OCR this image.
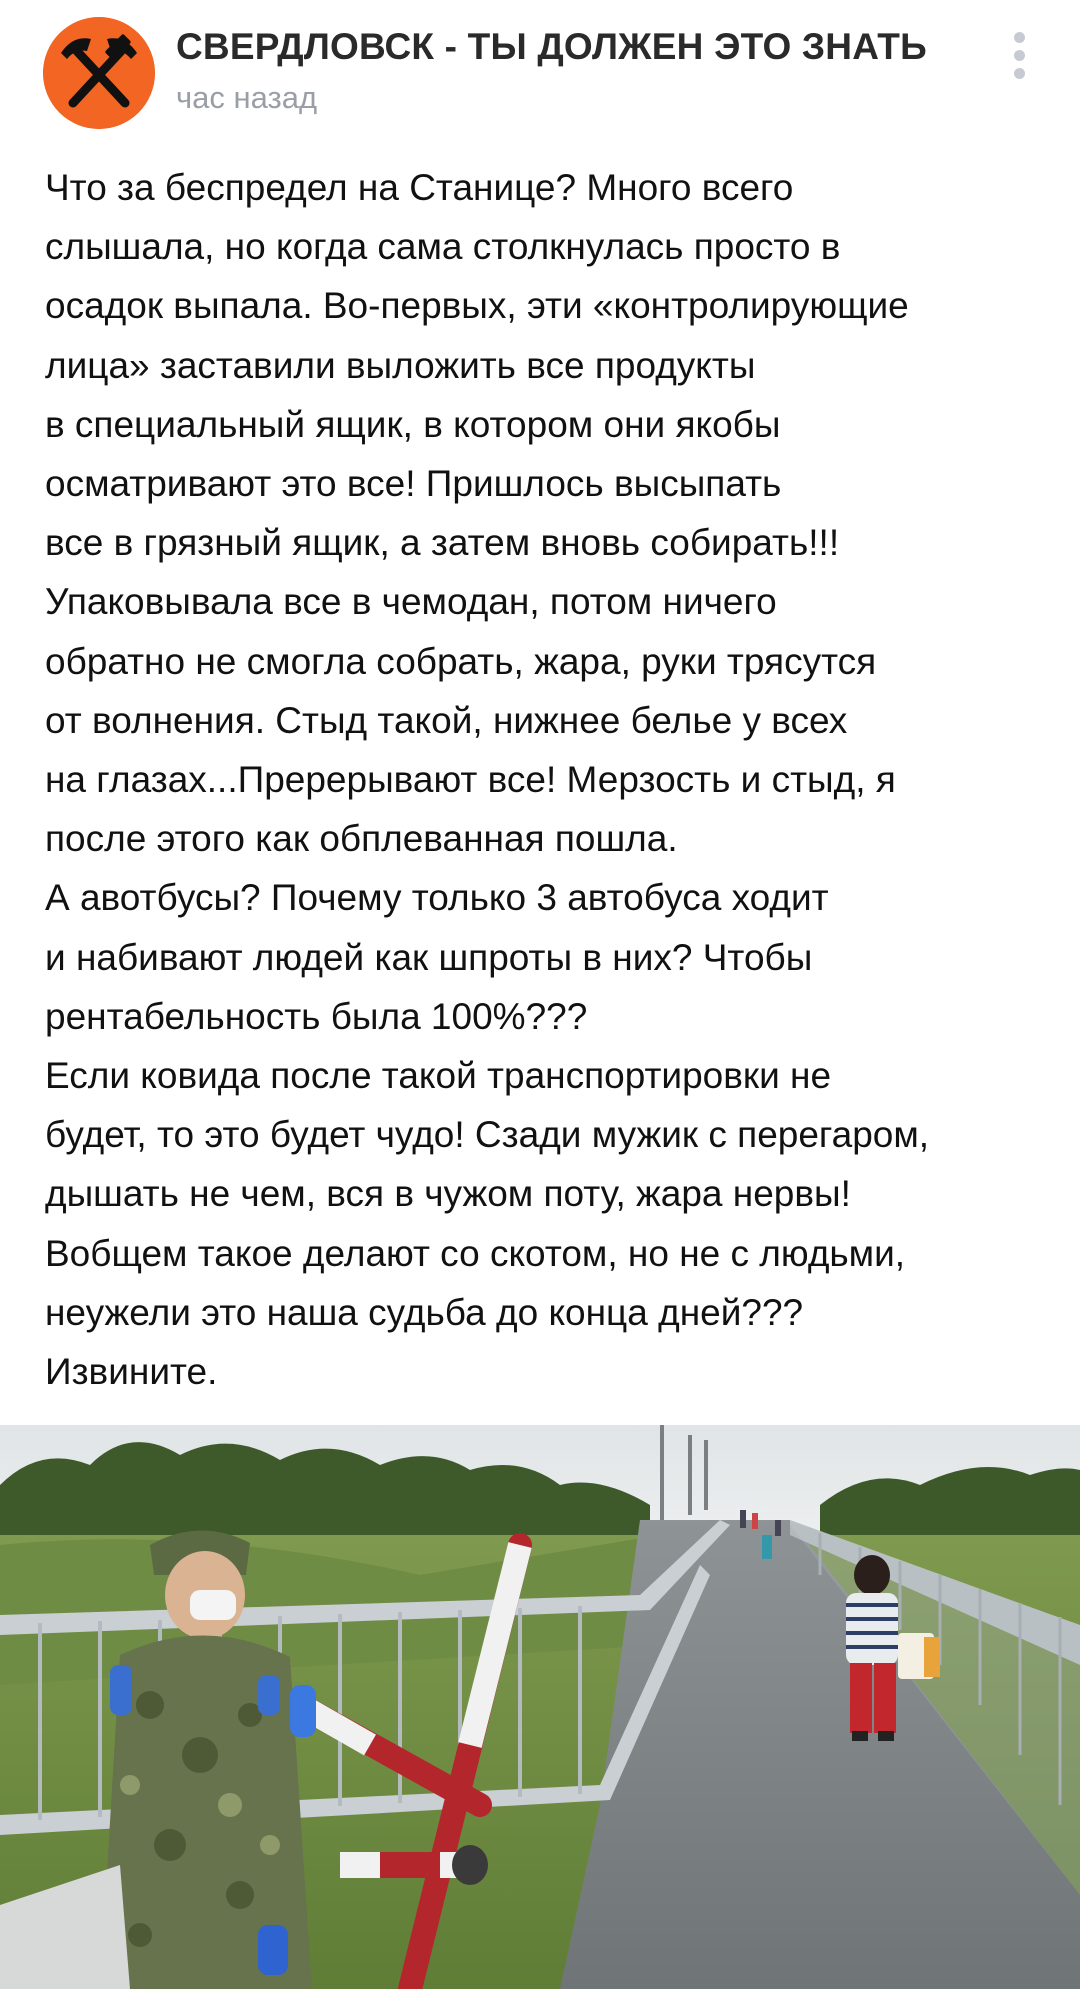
СВЕРДЛОВСК - ТЫ ДОЛЖЕН ЭТО ЗНАТЬ
час назад
Что за беспредел на Станице? Много всего
слышала, но когда сама столкнулась просто в
осадок выпала. Во-первых, эти «контролирующие
лица» заставили выложить все продукты
в специальный ящик, в котором они якобы
осматривают это все! Пришлось высыпать
все в грязный ящик, а затем вновь собирать!!!
Упаковывала все в чемодан, потом ничего
обратно не смогла собрать, жара, руки трясутся
от волнения. Стыд такой, нижнее белье у всех
на глазах...Пререрывают все! Мерзость и стыд, я
после этого как обплеванная пошла.
А авотбусы? Почему только 3 автобуса ходит
и набивают людей как шпроты в них? Чтобы
рентабельность была 100%???
Если ковида после такой транспортировки не
будет, то это будет чудо! Сзади мужик с перегаром,
дышать не чем, вся в чужом поту, жара нервы!
Вобщем такое делают со скотом, но не с людьми,
неужели это наша судьба до конца дней???
Извините.
